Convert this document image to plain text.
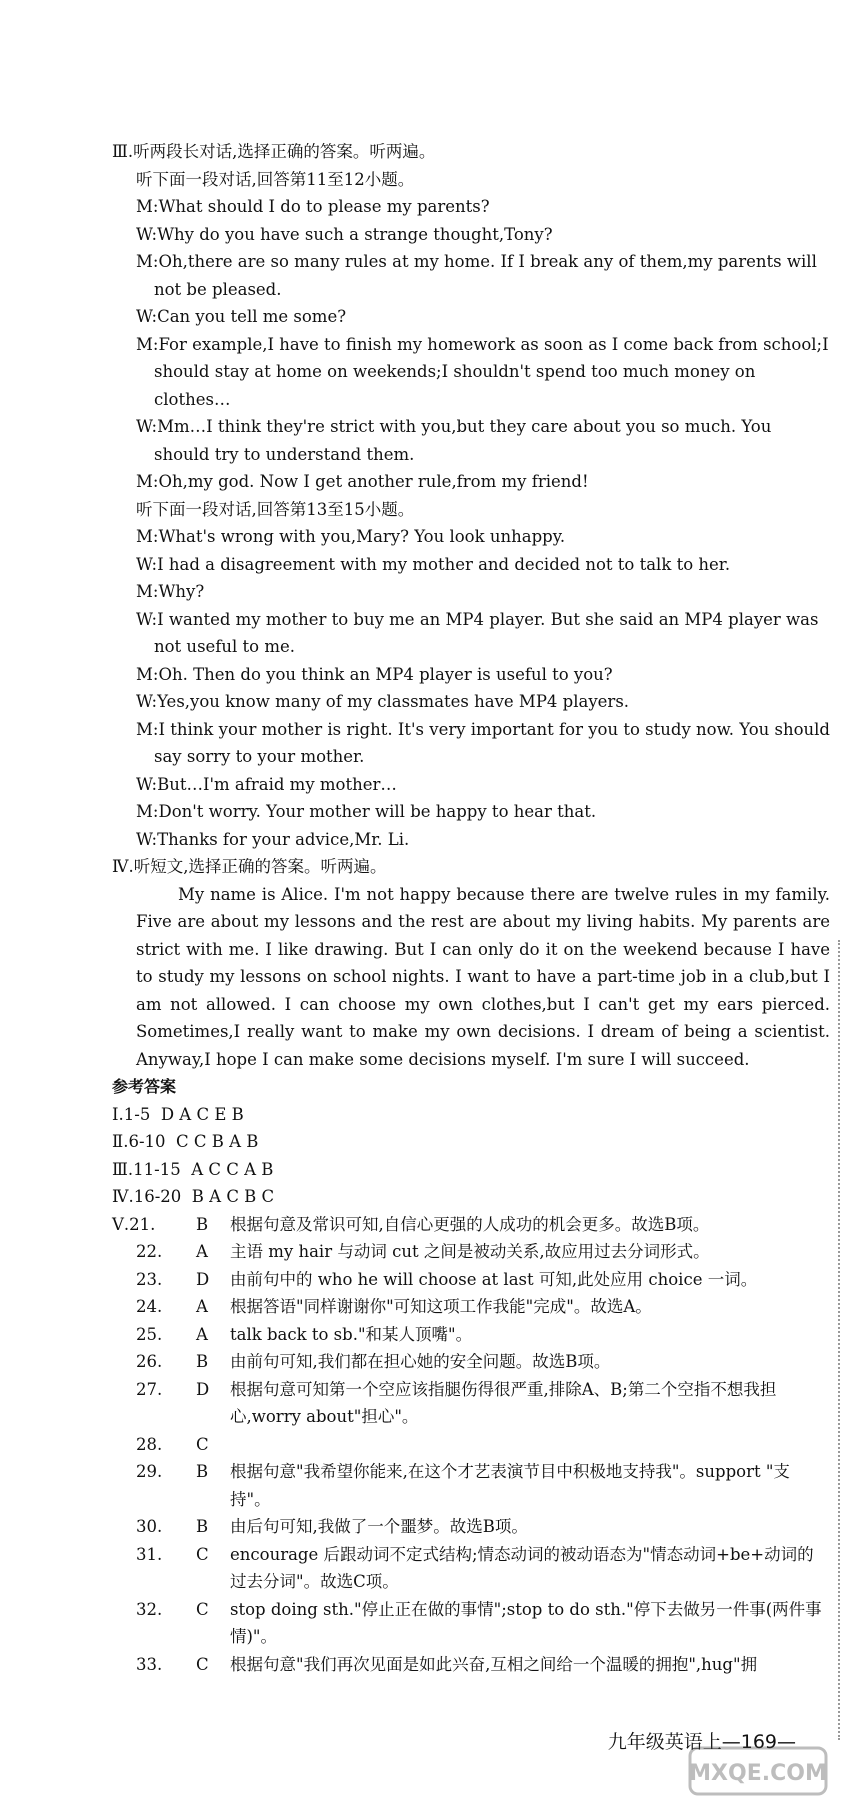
Ⅲ.听两段长对话,选择正确的答案。听两遍。
听下面一段对话,回答第11至12小题。
M:What should I do to please my parents?
W:Why do you have such a strange thought,Tony?
M:Oh,there are so many rules at my home. If I break any of them,my parents will not be pleased.
W:Can you tell me some?
M:For example,I have to finish my homework as soon as I come back from school;I should stay at home on weekends;I shouldn't spend too much money on clothes…
W:Mm…I think they're strict with you,but they care about you so much. You should try to understand them.
M:Oh,my god. Now I get another rule,from my friend!
听下面一段对话,回答第13至15小题。
M:What's wrong with you,Mary? You look unhappy.
W:I had a disagreement with my mother and decided not to talk to her.
M:Why?
W:I wanted my mother to buy me an MP4 player. But she said an MP4 player was not useful to me.
M:Oh. Then do you think an MP4 player is useful to you?
W:Yes,you know many of my classmates have MP4 players.
M:I think your mother is right. It's very important for you to study now. You should say sorry to your mother.
W:But…I'm afraid my mother…
M:Don't worry. Your mother will be happy to hear that.
W:Thanks for your advice,Mr. Li.
Ⅳ.听短文,选择正确的答案。听两遍。
My name is Alice. I'm not happy because there are twelve rules in my family. Five are about my lessons and the rest are about my living habits. My parents are strict with me. I like drawing. But I can only do it on the weekend because I have to study my lessons on school nights. I want to have a part-time job in a club,but I am not allowed. I can choose my own clothes,but I can't get my ears pierced. Sometimes,I really want to make my own decisions. I dream of being a scientist. Anyway,I hope I can make some decisions myself. I'm sure I will succeed.
参考答案
Ⅰ.1-5  D A C E B
Ⅱ.6-10  C C B A B
Ⅲ.11-15  A C C A B
Ⅳ.16-20  B A C B C
Ⅴ.21.	B	根据句意及常识可知,自信心更强的人成功的机会更多。故选B项。
22.	A	主语 my hair 与动词 cut 之间是被动关系,故应用过去分词形式。
23.	D	由前句中的 who he will choose at last 可知,此处应用 choice 一词。
24.	A	根据答语"同样谢谢你"可知这项工作我能"完成"。故选A。
25.	A	talk back to sb."和某人顶嘴"。
26.	B	由前句可知,我们都在担心她的安全问题。故选B项。
27.	D	根据句意可知第一个空应该指腿伤得很严重,排除A、B;第二个空指不想我担心,worry about"担心"。
28.	C
29.	B	根据句意"我希望你能来,在这个才艺表演节目中积极地支持我"。support "支持"。
30.	B	由后句可知,我做了一个噩梦。故选B项。
31.	C	encourage 后跟动词不定式结构;情态动词的被动语态为"情态动词+be+动词的过去分词"。故选C项。
32.	C	stop doing sth."停止正在做的事情";stop to do sth."停下去做另一件事(两件事情)"。
33.	C	根据句意"我们再次见面是如此兴奋,互相之间给一个温暖的拥抱",hug"拥
九年级英语上—169—
MXQE.COM
